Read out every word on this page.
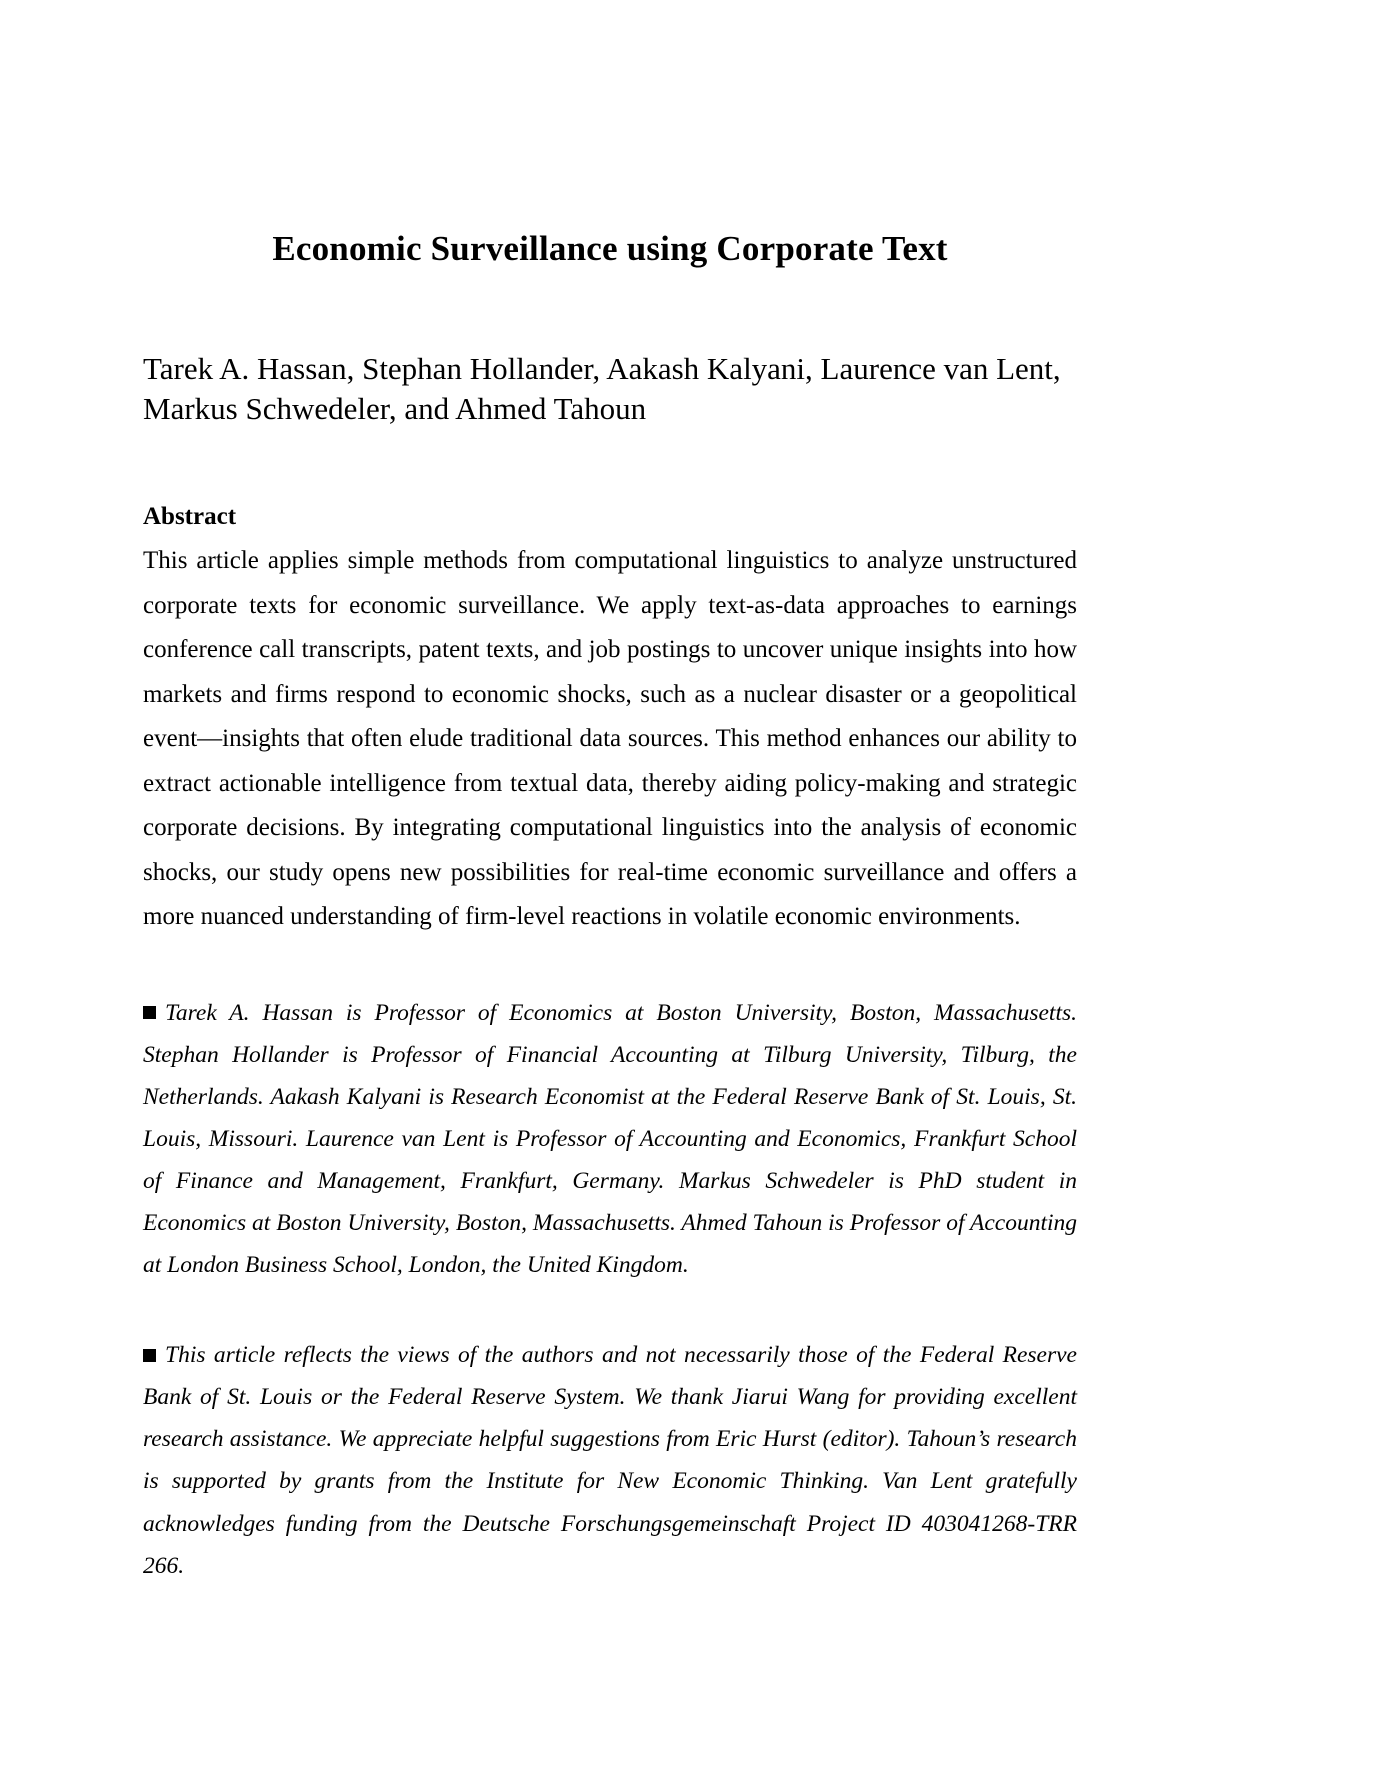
Economic Surveillance using Corporate Text
Tarek A. Hassan, Stephan Hollander, Aakash Kalyani, Laurence van Lent, Markus Schwedeler, and Ahmed Tahoun
Abstract
This article applies simple methods from computational linguistics to analyze unstructured corporate texts for economic surveillance. We apply text-as-data approaches to earnings conference call transcripts, patent texts, and job postings to uncover unique insights into how markets and firms respond to economic shocks, such as a nuclear disaster or a geopolitical event—insights that often elude traditional data sources. This method enhances our ability to extract actionable intelligence from textual data, thereby aiding policy-making and strategic corporate decisions. By integrating computational linguistics into the analysis of economic shocks, our study opens new possibilities for real-time economic surveillance and offers a more nuanced understanding of firm-level reactions in volatile economic environments.
Tarek A. Hassan is Professor of Economics at Boston University, Boston, Massachusetts. Stephan Hollander is Professor of Financial Accounting at Tilburg University, Tilburg, the Netherlands. Aakash Kalyani is Research Economist at the Federal Reserve Bank of St. Louis, St. Louis, Missouri. Laurence van Lent is Professor of Accounting and Economics, Frankfurt School of Finance and Management, Frankfurt, Germany. Markus Schwedeler is PhD student in Economics at Boston University, Boston, Massachusetts. Ahmed Tahoun is Professor of Accounting at London Business School, London, the United Kingdom.
This article reflects the views of the authors and not necessarily those of the Federal Reserve Bank of St. Louis or the Federal Reserve System. We thank Jiarui Wang for providing excellent research assistance. We appreciate helpful suggestions from Eric Hurst (editor). Tahoun’s research is supported by grants from the Institute for New Economic Thinking. Van Lent gratefully acknowledges funding from the Deutsche Forschungsgemeinschaft Project ID 403041268-TRR 266.
